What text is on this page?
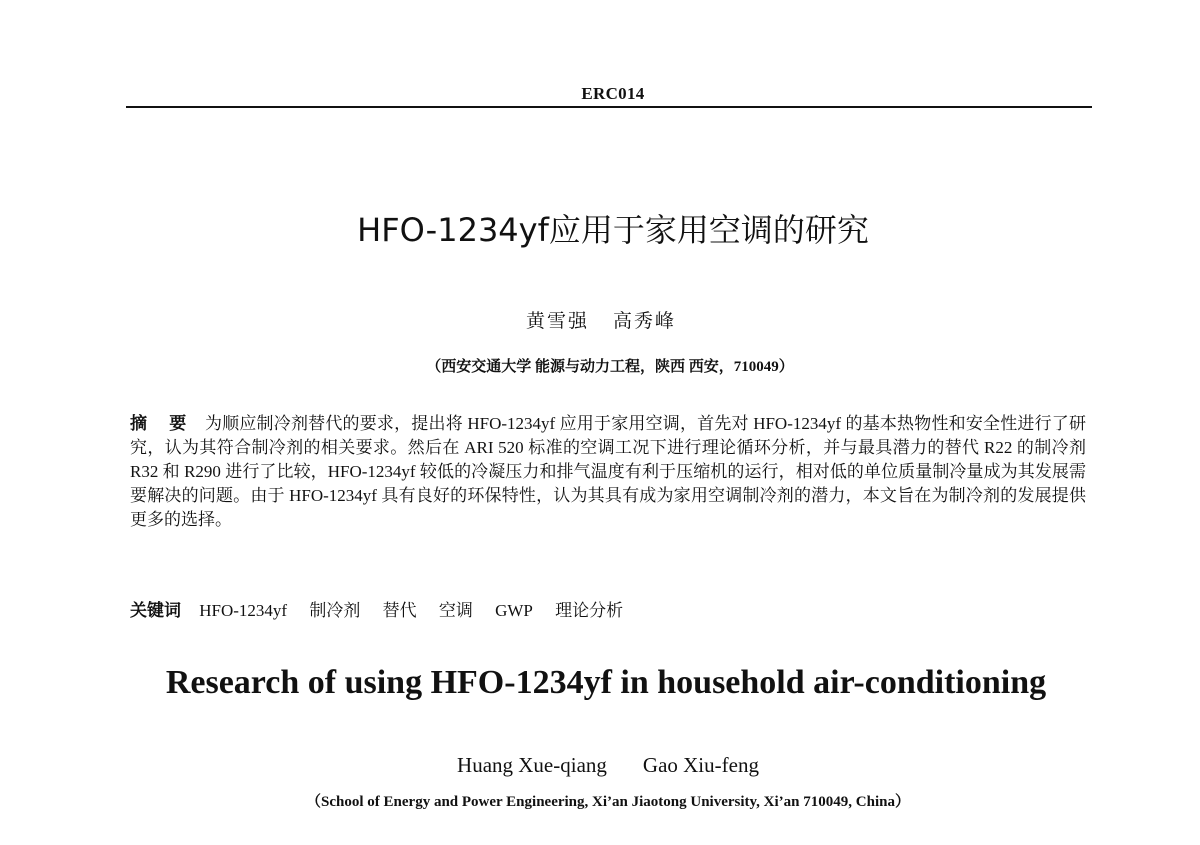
ERC014
HFO-1234yf应用于家用空调的研究
黄雪强 高秀峰
（西安交通大学 能源与动力工程，陕西 西安，710049）
摘 要 为顺应制冷剂替代的要求，提出将 HFO-1234yf 应用于家用空调，首先对 HFO-1234yf 的基本热物性和安全性进行了研究，认为其符合制冷剂的相关要求。然后在 ARI 520 标准的空调工况下进行理论循环分析，并与最具潜力的替代 R22 的制冷剂 R32 和 R290 进行了比较，HFO-1234yf 较低的冷凝压力和排气温度有利于压缩机的运行，相对低的单位质量制冷量成为其发展需要解决的问题。由于 HFO-1234yf 具有良好的环保特性，认为其具有成为家用空调制冷剂的潜力，本文旨在为制冷剂的发展提供更多的选择。
关键词 HFO-1234yf 制冷剂 替代 空调 GWP 理论分析
Research of using HFO-1234yf in household air-conditioning
Huang Xue-qiang Gao Xiu-feng
（School of Energy and Power Engineering, Xi’an Jiaotong University, Xi’an 710049, China）
